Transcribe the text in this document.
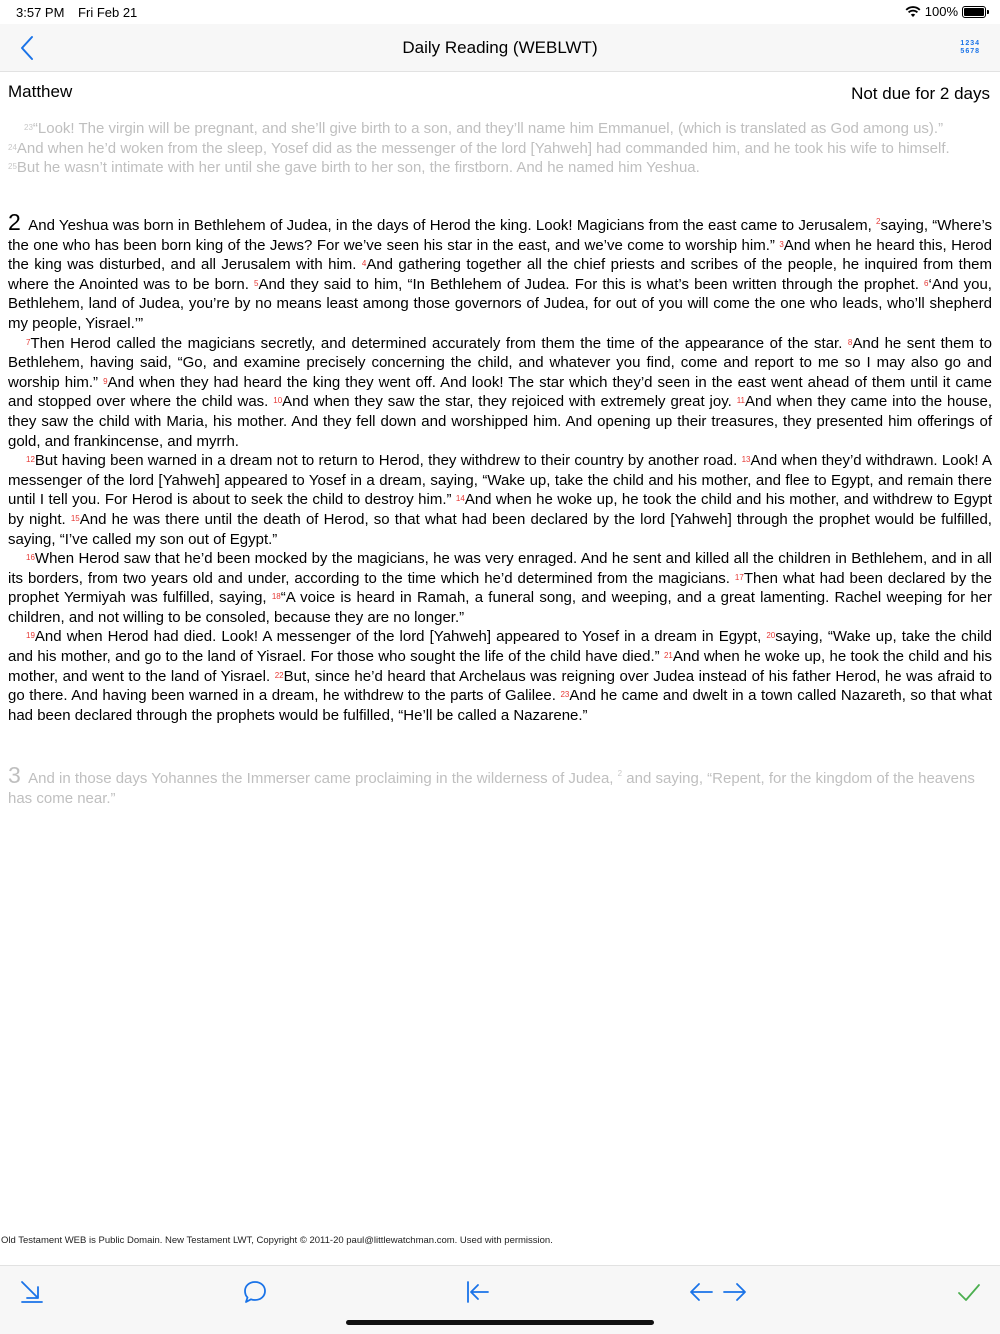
3:57 PM Fri Feb 21	100%
Daily Reading (WEBLWT)	1234
5678
Matthew	Not due for 2 days
$^{23}$“Look! The virgin will be pregnant, and she’ll give birth to a son, and they’ll name him Emmanuel, (which is translated as God among us).”
$^{24}$And when he’d woken from the sleep, Yosef did as the messenger of the lord [Yahweh] had commanded him, and he took his wife to himself.
$^{25}$But he wasn’t intimate with her until she gave birth to her son, the firstborn. And he named him Yeshua.

2 And Yeshua was born in Bethlehem of Judea, in the days of Herod the king. Look! Magicians from the east came to Jerusalem, $^2$saying, “Where’s the one who has been born king of the Jews? For we’ve seen his star in the east, and we’ve come to worship him.” $^3$And when he heard this, Herod the king was disturbed, and all Jerusalem with him. $^4$And gathering together all the chief priests and scribes of the people, he inquired from them where the Anointed was to be born. $^5$And they said to him, “In Bethlehem of Judea. For this is what’s been written through the prophet. $^6$‘And you, Bethlehem, land of Judea, you’re by no means least among those governors of Judea, for out of you will come the one who leads, who’ll shepherd my people, Yisrael.’”

$^7$Then Herod called the magicians secretly, and determined accurately from them the time of the appearance of the star. $^8$And he sent them to Bethlehem, having said, “Go, and examine precisely concerning the child, and whatever you find, come and report to me so I may also go and worship him.” $^9$And when they had heard the king they went off. And look! The star which they’d seen in the east went ahead of them until it came and stopped over where the child was. $^{10}$And when they saw the star, they rejoiced with extremely great joy. $^{11}$And when they came into the house, they saw the child with Maria, his mother. And they fell down and worshipped him. And opening up their treasures, they presented him offerings of gold, and frankincense, and myrrh.

$^{12}$But having been warned in a dream not to return to Herod, they withdrew to their country by another road. $^{13}$And when they’d withdrawn. Look! A messenger of the lord [Yahweh] appeared to Yosef in a dream, saying, “Wake up, take the child and his mother, and flee to Egypt, and remain there until I tell you. For Herod is about to seek the child to destroy him.” $^{14}$And when he woke up, he took the child and his mother, and withdrew to Egypt by night. $^{15}$And he was there until the death of Herod, so that what had been declared by the lord [Yahweh] through the prophet would be fulfilled, saying, “I’ve called my son out of Egypt.”

$^{16}$When Herod saw that he’d been mocked by the magicians, he was very enraged. And he sent and killed all the children in Bethlehem, and in all its borders, from two years old and under, according to the time which he’d determined from the magicians. $^{17}$Then what had been declared by the prophet Yermiyah was fulfilled, saying, $^{18}$“A voice is heard in Ramah, a funeral song, and weeping, and a great lamenting. Rachel weeping for her children, and not willing to be consoled, because they are no longer.”

$^{19}$And when Herod had died. Look! A messenger of the lord [Yahweh] appeared to Yosef in a dream in Egypt, $^{20}$saying, “Wake up, take the child and his mother, and go to the land of Yisrael. For those who sought the life of the child have died.” $^{21}$And when he woke up, he took the child and his mother, and went to the land of Yisrael. $^{22}$But, since he’d heard that Archelaus was reigning over Judea instead of his father Herod, he was afraid to go there. And having been warned in a dream, he withdrew to the parts of Galilee. $^{23}$And he came and dwelt in a town called Nazareth, so that what had been declared through the prophets would be fulfilled, “He’ll be called a Nazarene.”

3 And in those days Yohannes the Immerser came proclaiming in the wilderness of Judea, $^2$ and saying, “Repent, for the kingdom of the heavens has come near.”
Old Testament WEB is Public Domain. New Testament LWT, Copyright © 2011-20 paul@littlewatchman.com. Used with permission.
